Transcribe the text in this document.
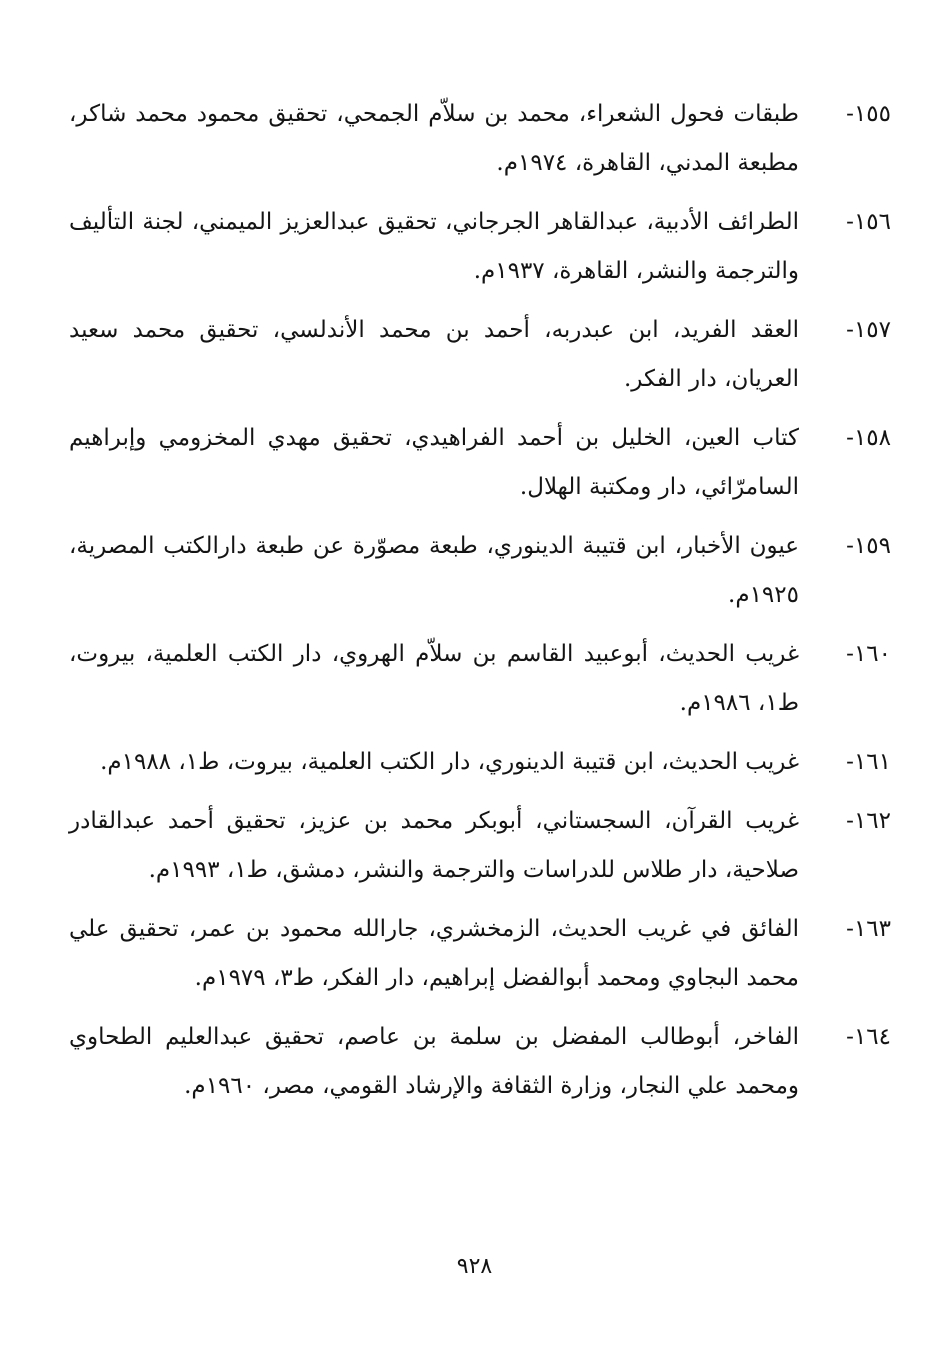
١٥٥-
طبقات فحول الشعراء، محمد بن سلاّم الجمحي، تحقيق محمود محمد شاكر، مطبعة المدني، القاهرة، ١٩٧٤م.
١٥٦-
الطرائف الأدبية، عبدالقاهر الجرجاني، تحقيق عبدالعزيز الميمني، لجنة التأليف والترجمة والنشر، القاهرة، ١٩٣٧م.
١٥٧-
العقد الفريد، ابن عبدربه، أحمد بن محمد الأندلسي، تحقيق محمد سعيد العريان، دار الفكر.
١٥٨-
كتاب العين، الخليل بن أحمد الفراهيدي، تحقيق مهدي المخزومي وإبراهيم السامرّائي، دار ومكتبة الهلال.
١٥٩-
عيون الأخبار، ابن قتيبة الدينوري، طبعة مصوّرة عن طبعة دارالكتب المصرية، ١٩٢٥م.
١٦٠-
غريب الحديث، أبوعبيد القاسم بن سلاّم الهروي، دار الكتب العلمية، بيروت، ط١، ١٩٨٦م.
١٦١-
غريب الحديث، ابن قتيبة الدينوري، دار الكتب العلمية، بيروت، ط١، ١٩٨٨م.
١٦٢-
غريب القرآن، السجستاني، أبوبكر محمد بن عزيز، تحقيق أحمد عبدالقادر صلاحية، دار طلاس للدراسات والترجمة والنشر، دمشق، ط١، ١٩٩٣م.
١٦٣-
الفائق في غريب الحديث، الزمخشري، جارالله محمود بن عمر، تحقيق علي محمد البجاوي ومحمد أبوالفضل إبراهيم، دار الفكر، ط٣، ١٩٧٩م.
١٦٤-
الفاخر، أبوطالب المفضل بن سلمة بن عاصم، تحقيق عبدالعليم الطحاوي ومحمد علي النجار، وزارة الثقافة والإرشاد القومي، مصر، ١٩٦٠م.
٩٢٨
